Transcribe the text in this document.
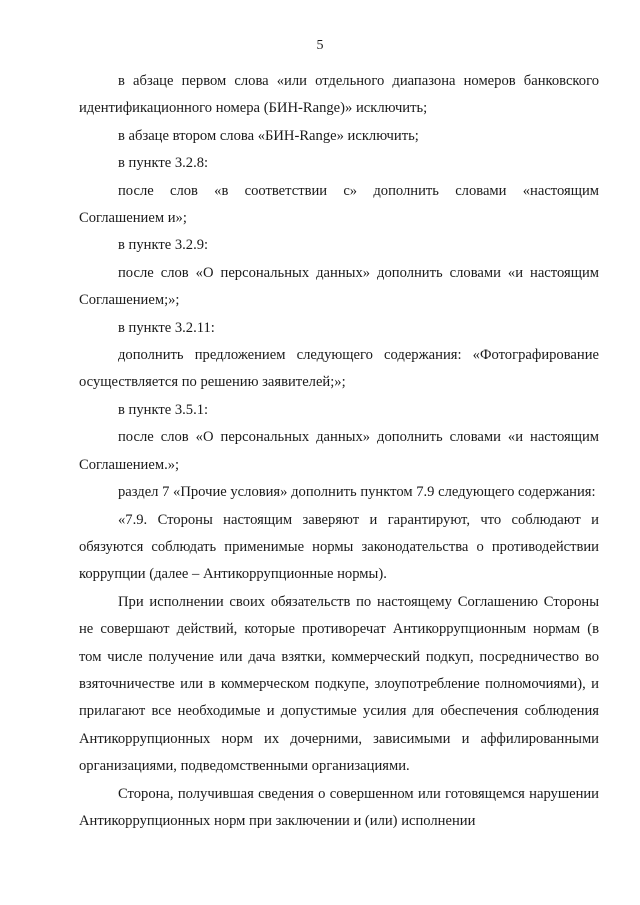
5

в абзаце первом слова «или отдельного диапазона номеров банковского идентификационного номера (БИН-Range)» исключить;

в абзаце втором слова «БИН-Range» исключить;

в пункте 3.2.8:

после слов «в соответствии с» дополнить словами «настоящим Соглашением и»;

в пункте 3.2.9:

после слов «О персональных данных» дополнить словами «и настоящим Соглашением;»;

в пункте 3.2.11:

дополнить предложением следующего содержания: «Фотографирование осуществляется по решению заявителей;»;

в пункте 3.5.1:

после слов «О персональных данных» дополнить словами «и настоящим Соглашением.»;

раздел 7 «Прочие условия» дополнить пунктом 7.9 следующего содержания:

«7.9. Стороны настоящим заверяют и гарантируют, что соблюдают и обязуются соблюдать применимые нормы законодательства о противодействии коррупции (далее – Антикоррупционные нормы).

При исполнении своих обязательств по настоящему Соглашению Стороны не совершают действий, которые противоречат Антикоррупционным нормам (в том числе получение или дача взятки, коммерческий подкуп, посредничество во взяточничестве или в коммерческом подкупе, злоупотребление полномочиями), и прилагают все необходимые и допустимые усилия для обеспечения соблюдения Антикоррупционных норм их дочерними, зависимыми и аффилированными организациями, подведомственными организациями.

Сторона, получившая сведения о совершенном или готовящемся нарушении Антикоррупционных норм при заключении и (или) исполнении
